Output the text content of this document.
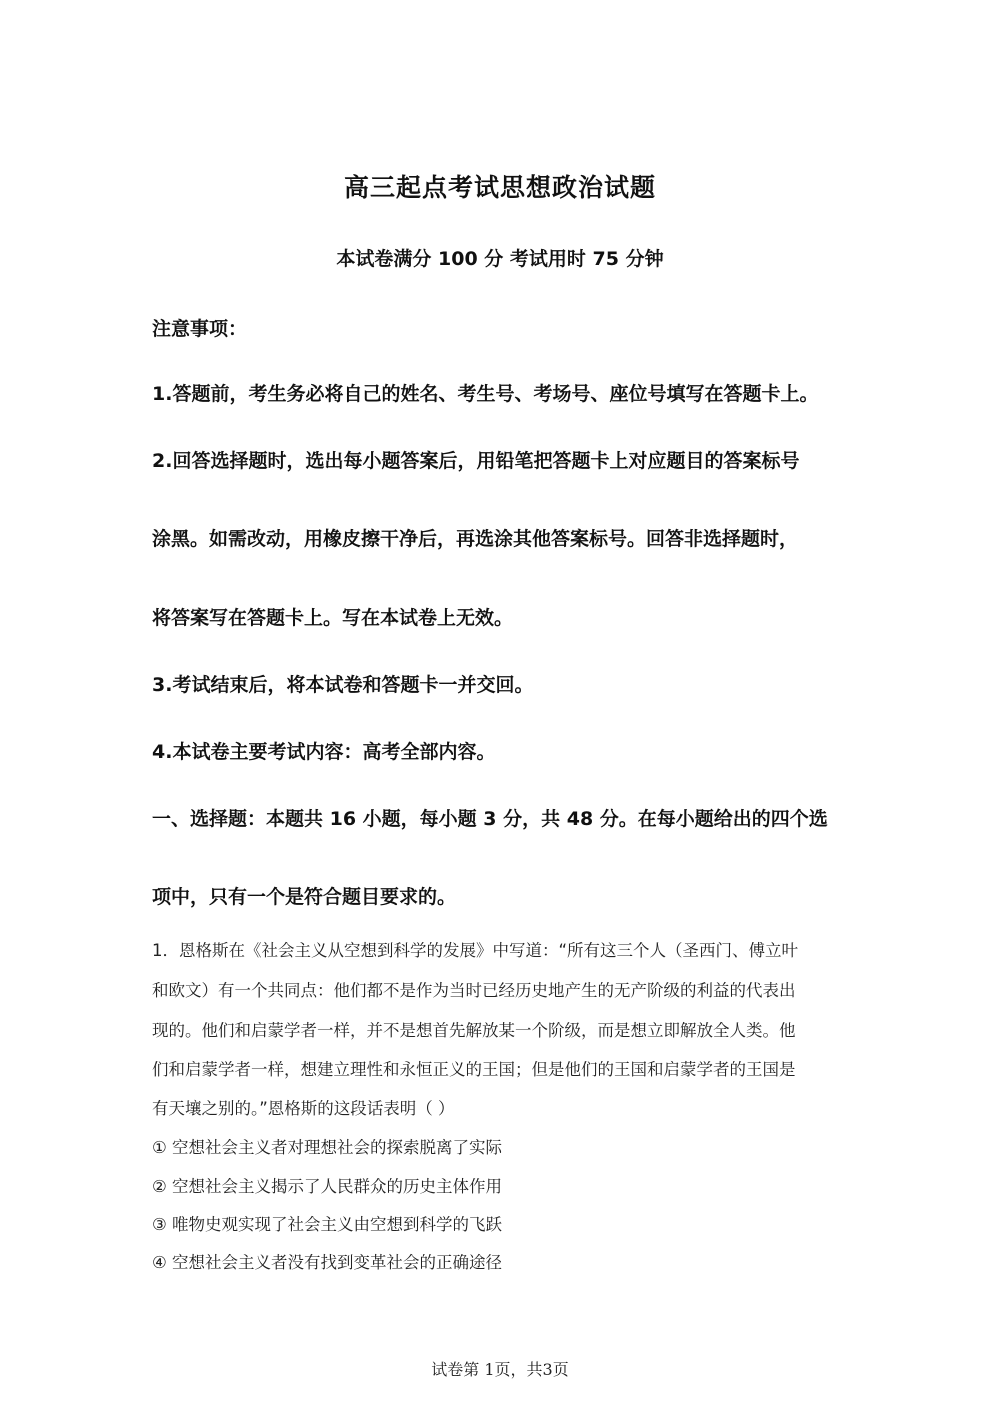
高三起点考试思想政治试题
本试卷满分 100 分 考试用时 75 分钟
注意事项：
1.答题前，考生务必将自己的姓名、考生号、考场号、座位号填写在答题卡上。
2.回答选择题时，选出每小题答案后，用铅笔把答题卡上对应题目的答案标号
涂黑。如需改动，用橡皮擦干净后，再选涂其他答案标号。回答非选择题时，
将答案写在答题卡上。写在本试卷上无效。
3.考试结束后，将本试卷和答题卡一并交回。
4.本试卷主要考试内容：高考全部内容。
一、选择题：本题共 16 小题，每小题 3 分，共 48 分。在每小题给出的四个选
项中，只有一个是符合题目要求的。
1．恩格斯在《社会主义从空想到科学的发展》中写道：“所有这三个人（圣西门、傅立叶
和欧文）有一个共同点：他们都不是作为当时已经历史地产生的无产阶级的利益的代表出
现的。他们和启蒙学者一样，并不是想首先解放某一个阶级，而是想立即解放全人类。他
们和启蒙学者一样，想建立理性和永恒正义的王国；但是他们的王国和启蒙学者的王国是
有天壤之别的。”恩格斯的这段话表明（ ）
① 空想社会主义者对理想社会的探索脱离了实际
② 空想社会主义揭示了人民群众的历史主体作用
③ 唯物史观实现了社会主义由空想到科学的飞跃
④ 空想社会主义者没有找到变革社会的正确途径
试卷第 1页，共3页
